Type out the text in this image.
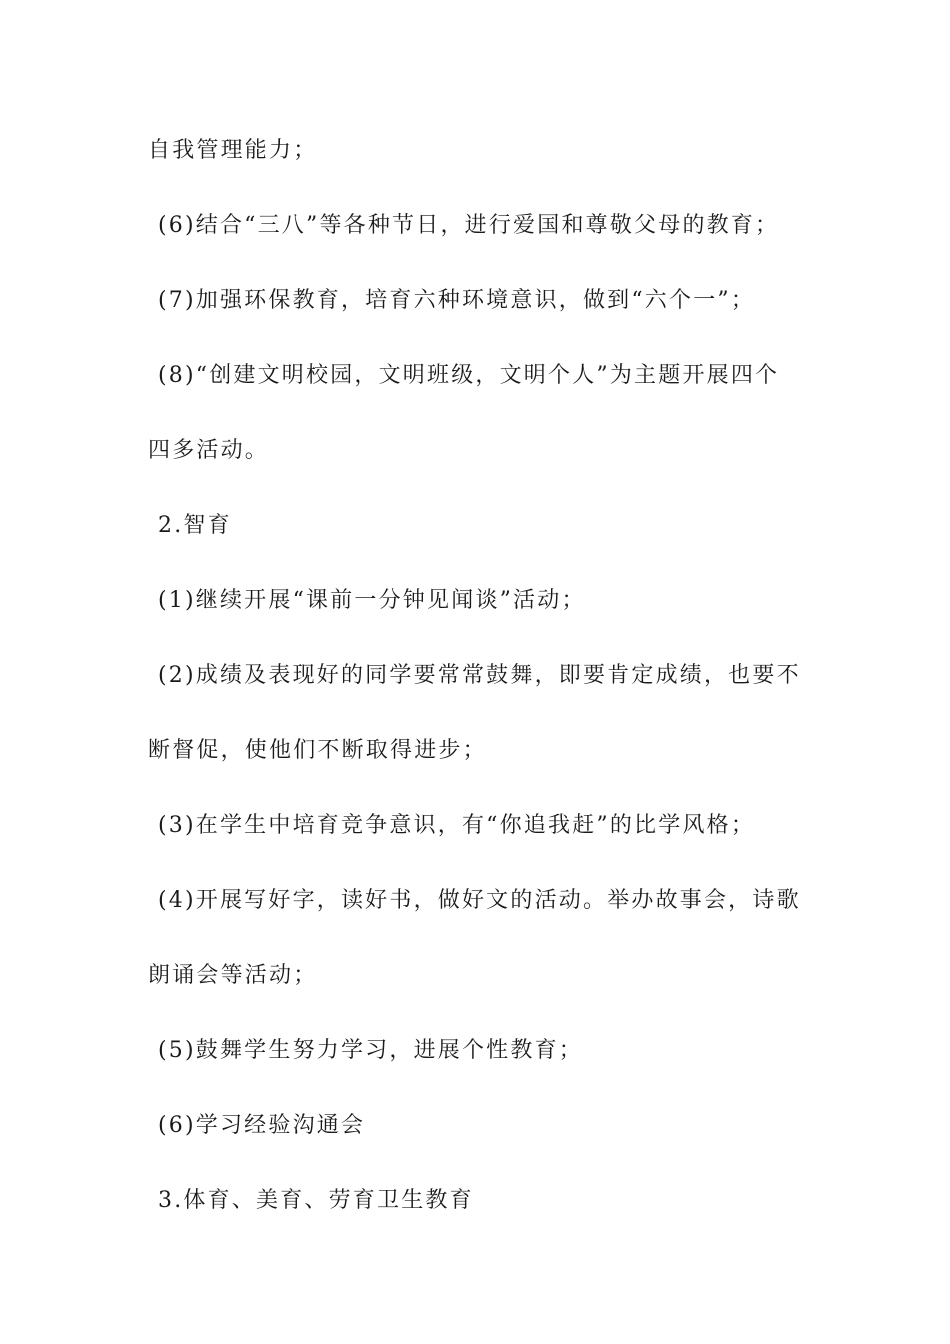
自我管理能力；
(6)结合“三八”等各种节日，进行爱国和尊敬父母的教育；
(7)加强环保教育，培育六种环境意识，做到“六个一”；
(8)“创建文明校园，文明班级，文明个人”为主题开展四个
四多活动。
2.智育
(1)继续开展“课前一分钟见闻谈”活动；
(2)成绩及表现好的同学要常常鼓舞，即要肯定成绩，也要不
断督促，使他们不断取得进步；
(3)在学生中培育竞争意识，有“你追我赶”的比学风格；
(4)开展写好字，读好书，做好文的活动。举办故事会，诗歌
朗诵会等活动；
(5)鼓舞学生努力学习，进展个性教育；
(6)学习经验沟通会
3.体育、美育、劳育卫生教育
